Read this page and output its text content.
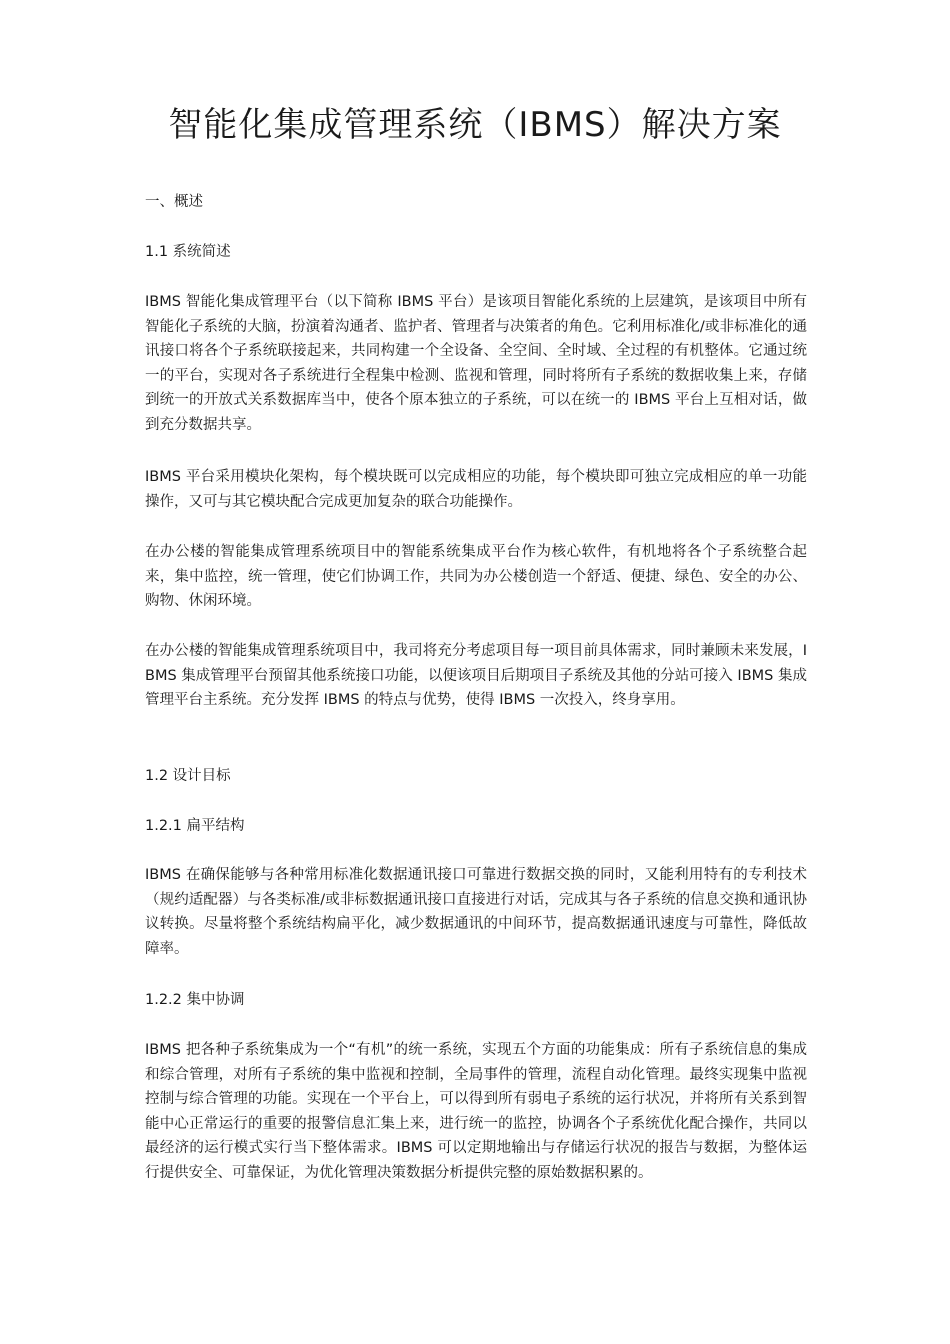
智能化集成管理系统（IBMS）解决方案

一、概述

1.1 系统简述

IBMS 智能化集成管理平台（以下简称 IBMS 平台）是该项目智能化系统的上层建筑，是该项目中所有智能化子系统的大脑，扮演着沟通者、监护者、管理者与决策者的角色。它利用标准化/或非标准化的通讯接口将各个子系统联接起来，共同构建一个全设备、全空间、全时域、全过程的有机整体。它通过统一的平台，实现对各子系统进行全程集中检测、监视和管理，同时将所有子系统的数据收集上来，存储到统一的开放式关系数据库当中，使各个原本独立的子系统，可以在统一的 IBMS 平台上互相对话，做到充分数据共享。

IBMS 平台采用模块化架构，每个模块既可以完成相应的功能，每个模块即可独立完成相应的单一功能操作，又可与其它模块配合完成更加复杂的联合功能操作。

在办公楼的智能集成管理系统项目中的智能系统集成平台作为核心软件，有机地将各个子系统整合起来，集中监控，统一管理，使它们协调工作，共同为办公楼创造一个舒适、便捷、绿色、安全的办公、购物、休闲环境。

在办公楼的智能集成管理系统项目中，我司将充分考虑项目每一项目前具体需求，同时兼顾未来发展，IBMS 集成管理平台预留其他系统接口功能，以便该项目后期项目子系统及其他的分站可接入 IBMS 集成管理平台主系统。充分发挥 IBMS 的特点与优势，使得 IBMS 一次投入，终身享用。

1.2 设计目标

1.2.1 扁平结构

IBMS 在确保能够与各种常用标准化数据通讯接口可靠进行数据交换的同时，又能利用特有的专利技术（规约适配器）与各类标准/或非标数据通讯接口直接进行对话，完成其与各子系统的信息交换和通讯协议转换。尽量将整个系统结构扁平化，减少数据通讯的中间环节，提高数据通讯速度与可靠性，降低故障率。

1.2.2 集中协调

IBMS 把各种子系统集成为一个“有机”的统一系统，实现五个方面的功能集成：所有子系统信息的集成和综合管理，对所有子系统的集中监视和控制，全局事件的管理，流程自动化管理。最终实现集中监视控制与综合管理的功能。实现在一个平台上，可以得到所有弱电子系统的运行状况，并将所有关系到智能中心正常运行的重要的报警信息汇集上来，进行统一的监控，协调各个子系统优化配合操作，共同以最经济的运行模式实行当下整体需求。IBMS 可以定期地输出与存储运行状况的报告与数据，为整体运行提供安全、可靠保证，为优化管理决策数据分析提供完整的原始数据积累的。
